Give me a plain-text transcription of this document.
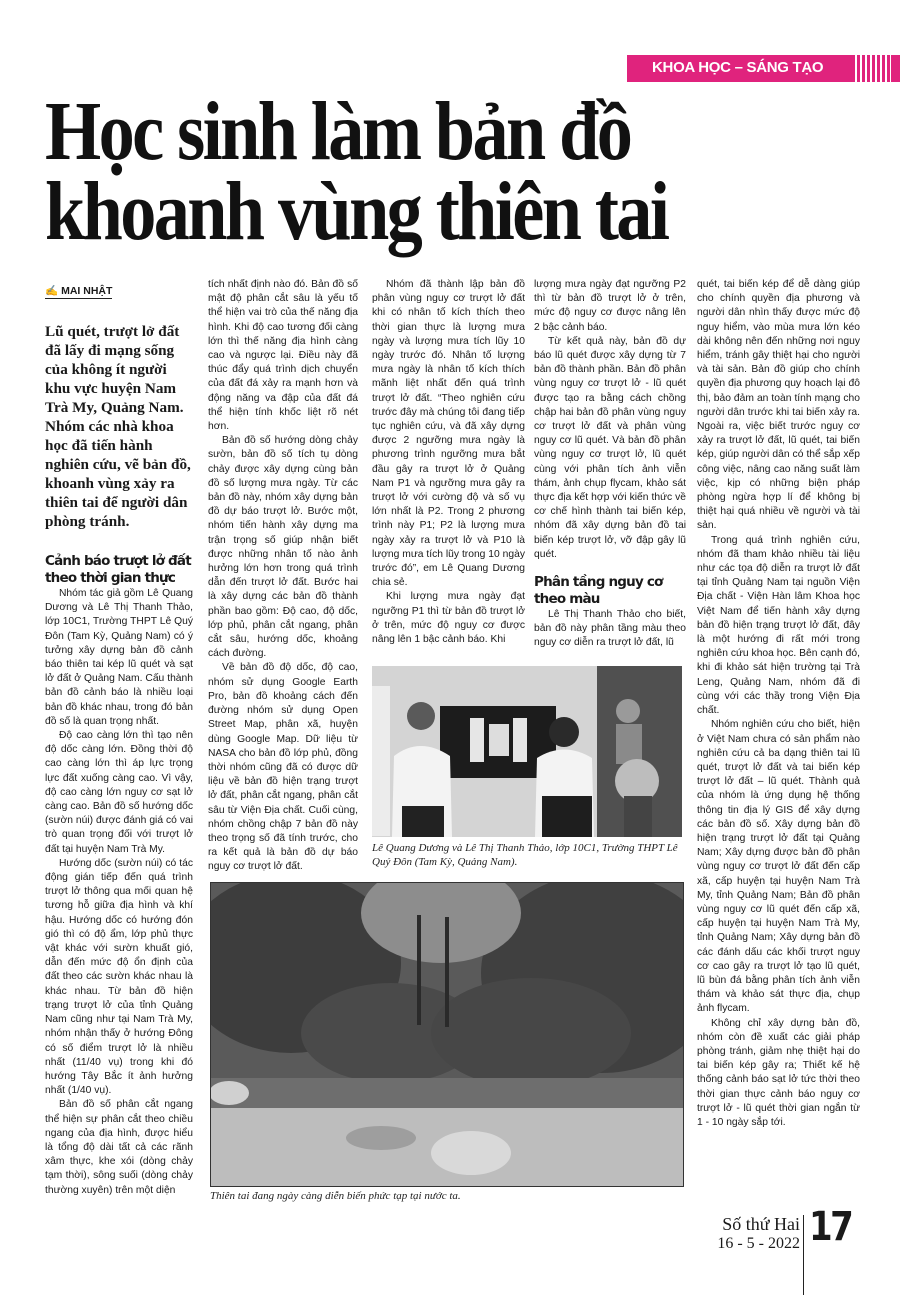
KHOA HỌC – SÁNG TẠO
Học sinh làm bản đồ
khoanh vùng thiên tai
✍ MAI NHẬT
Lũ quét, trượt lở đất đã lấy đi mạng sống của không ít người khu vực huyện Nam Trà My, Quảng Nam. Nhóm các nhà khoa học đã tiến hành nghiên cứu, vẽ bản đồ, khoanh vùng xảy ra thiên tai để người dân phòng tránh.
Cảnh báo trượt lở đất theo thời gian thực

Nhóm tác giả gồm Lê Quang Dương và Lê Thị Thanh Thảo, lớp 10C1, Trường THPT Lê Quý Đôn (Tam Kỳ, Quảng Nam) có ý tưởng xây dựng bản đồ cảnh báo thiên tai kép lũ quét và sạt lở đất ở Quảng Nam. Cấu thành bản đồ cảnh báo là nhiều loại bản đồ khác nhau, trong đó bản đồ số là quan trọng nhất.

Độ cao càng lớn thì tạo nên độ dốc càng lớn. Đồng thời độ cao càng lớn thì áp lực trọng lực đất xuống càng cao. Vì vậy, độ cao càng lớn nguy cơ sạt lở càng cao. Bản đồ số hướng dốc (sườn núi) được đánh giá có vai trò quan trọng đối với trượt lở đất tại huyện Nam Trà My.

Hướng dốc (sườn núi) có tác động gián tiếp đến quá trình trượt lở thông qua mối quan hệ tương hỗ giữa địa hình và khí hậu. Hướng dốc có hướng đón gió thì có độ ẩm, lớp phủ thực vật khác với sườn khuất gió, dẫn đến mức độ ổn định của đất theo các sườn khác nhau là khác nhau. Từ bản đồ hiện trạng trượt lở của tỉnh Quảng Nam cũng như tại Nam Trà My, nhóm nhận thấy ở hướng Đông có số điểm trượt lở là nhiều nhất (11/40 vụ) trong khi đó hướng Tây Bắc ít ảnh hưởng nhất (1/40 vụ).

Bản đồ số phân cắt ngang thể hiện sự phân cắt theo chiều ngang của địa hình, được hiểu là tổng độ dài tất cả các rãnh xâm thực, khe xói (dòng chảy tạm thời), sông suối (dòng chảy thường xuyên) trên một diện

tích nhất định nào đó. Bản đồ số mật độ phân cắt sâu là yếu tố thể hiện vai trò của thế năng địa hình. Khi độ cao tương đối càng lớn thì thế năng địa hình càng cao và ngược lại. Điều này đã thúc đẩy quá trình dịch chuyển của đất đá xảy ra mạnh hơn và động năng va đập của đất đá thể hiện tính khốc liệt rõ nét hơn.

Bản đồ số hướng dòng chảy sườn, bản đồ số tích tụ dòng chảy được xây dựng cùng bản đồ số lượng mưa ngày. Từ các bản đồ này, nhóm xây dựng bản đồ dự báo trượt lở. Bước một, nhóm tiến hành xây dựng ma trận trọng số giúp nhận biết được những nhân tố nào ảnh hưởng lớn hơn trong quá trình dẫn đến trượt lở đất. Bước hai là xây dựng các bản đồ thành phần bao gồm: Độ cao, độ dốc, lớp phủ, phân cắt ngang, phân cắt sâu, hướng dốc, khoảng cách đường.

Về bản đồ độ dốc, độ cao, nhóm sử dụng Google Earth Pro, bản đồ khoảng cách đến đường nhóm sử dụng Open Street Map, phân xã, huyện dùng Google Map. Dữ liệu từ NASA cho bản đồ lớp phủ, đồng thời nhóm cũng đã có được dữ liệu về bản đồ hiện trạng trượt lở đất, phân cắt ngang, phân cắt sâu từ Viện Địa chất. Cuối cùng, nhóm chồng chập 7 bản đồ này theo trọng số đã tính trước, cho ra kết quả là bản đồ dự báo nguy cơ trượt lở đất.

Nhóm đã thành lập bản đồ phân vùng nguy cơ trượt lở đất khi có nhân tố kích thích theo thời gian thực là lượng mưa ngày và lượng mưa tích lũy 10 ngày trước đó. Nhân tố lượng mưa ngày là nhân tố kích thích mãnh liệt nhất đến quá trình trượt lở đất. “Theo nghiên cứu trước đây mà chúng tôi đang tiếp tục nghiên cứu, và đã xây dựng được 2 ngưỡng mưa ngày là phương trình ngưỡng mưa bắt đầu gây ra trượt lở ở Quảng Nam P1 và ngưỡng mưa gây ra trượt lở với cường độ và số vụ lớn nhất là P2. Trong 2 phương trình này P1; P2 là lượng mưa ngày xảy ra trượt lở và P10 là lượng mưa tích lũy trong 10 ngày trước đó”, em Lê Quang Dương chia sẻ.

Khi lượng mưa ngày đạt ngưỡng P1 thì từ bản đồ trượt lở ở trên, mức độ nguy cơ được nâng lên 1 bậc cảnh báo. Khi

lượng mưa ngày đạt ngưỡng P2 thì từ bản đồ trượt lở ở trên, mức độ nguy cơ được nâng lên 2 bậc cảnh báo.

Từ kết quả này, bản đồ dự báo lũ quét được xây dựng từ 7 bản đồ thành phần. Bản đồ phân vùng nguy cơ trượt lở - lũ quét được tạo ra bằng cách chồng chập hai bản đồ phân vùng nguy cơ trượt lở đất và phân vùng nguy cơ lũ quét. Và bản đồ phân vùng nguy cơ trượt lở, lũ quét cùng với phân tích ảnh viễn thám, ảnh chụp flycam, khảo sát thực địa kết hợp với kiến thức về cơ chế hình thành tai biến kép, nhóm đã xây dựng bản đồ tai biến kép trượt lở, vỡ đập gây lũ quét.

Phân tầng nguy cơ theo màu

Lê Thị Thanh Thảo cho biết, bản đồ này phân tầng màu theo nguy cơ diễn ra trượt lở đất, lũ

quét, tai biến kép để dễ dàng giúp cho chính quyền địa phương và người dân nhìn thấy được mức độ nguy hiểm, vào mùa mưa lớn kéo dài không nên đến những nơi nguy hiểm, tránh gây thiệt hại cho người và tài sản. Bản đồ giúp cho chính quyền địa phương quy hoạch lại đô thị, bảo đảm an toàn tính mạng cho người dân trước khi tai biến xảy ra. Ngoài ra, việc biết trước nguy cơ xảy ra trượt lở đất, lũ quét, tai biến kép, giúp người dân có thể sắp xếp công việc, nâng cao năng suất làm việc, kịp có những biện pháp phòng ngừa hợp lí để không bị thiệt hại quá nhiều về người và tài sản.

Trong quá trình nghiên cứu, nhóm đã tham khảo nhiều tài liệu như các tọa độ diễn ra trượt lở đất tại tỉnh Quảng Nam tại nguồn Viện Địa chất - Viện Hàn lâm Khoa học Việt Nam để tiến hành xây dựng bản đồ hiện trạng trượt lở đất, đây là một hướng đi rất mới trong nghiên cứu khoa học. Bên cạnh đó, khi đi khảo sát hiện trường tại Trà Leng, Quảng Nam, nhóm đã đi cùng với các thầy trong Viện Địa chất.

Nhóm nghiên cứu cho biết, hiện ở Việt Nam chưa có sản phẩm nào nghiên cứu cả ba dạng thiên tai lũ quét, trượt lở đất và tai biến kép trượt lở đất – lũ quét. Thành quả của nhóm là ứng dụng hệ thống thông tin địa lý GIS để xây dựng các bản đồ số. Xây dựng bản đồ hiện trạng trượt lở đất tại Quảng Nam; Xây dựng được bản đồ phân vùng nguy cơ trượt lở đất đến cấp xã, cấp huyện tại huyện Nam Trà My, tỉnh Quảng Nam; Bản đồ phân vùng nguy cơ lũ quét đến cấp xã, cấp huyện tại huyện Nam Trà My, tỉnh Quảng Nam; Xây dựng bản đồ các đánh dấu các khối trượt nguy cơ cao gây ra trượt lở tạo lũ quét, lũ bùn đá bằng phân tích ảnh viễn thám và khảo sát thực địa, chụp ảnh flycam.

Không chỉ xây dựng bản đồ, nhóm còn đề xuất các giải pháp phòng tránh, giảm nhẹ thiệt hại do tai biến kép gây ra; Thiết kế hệ thống cảnh báo sạt lở tức thời theo thời gian thực cảnh báo nguy cơ trượt lở - lũ quét thời gian ngắn từ 1 - 10 ngày sắp tới.

Lê Quang Dương và Lê Thị Thanh Thảo, lớp 10C1, Trường THPT Lê Quý Đôn (Tam Kỳ, Quảng Nam).
Thiên tai đang ngày càng diễn biến phức tạp tại nước ta.
Số thứ Hai
16 - 5 - 2022 17
